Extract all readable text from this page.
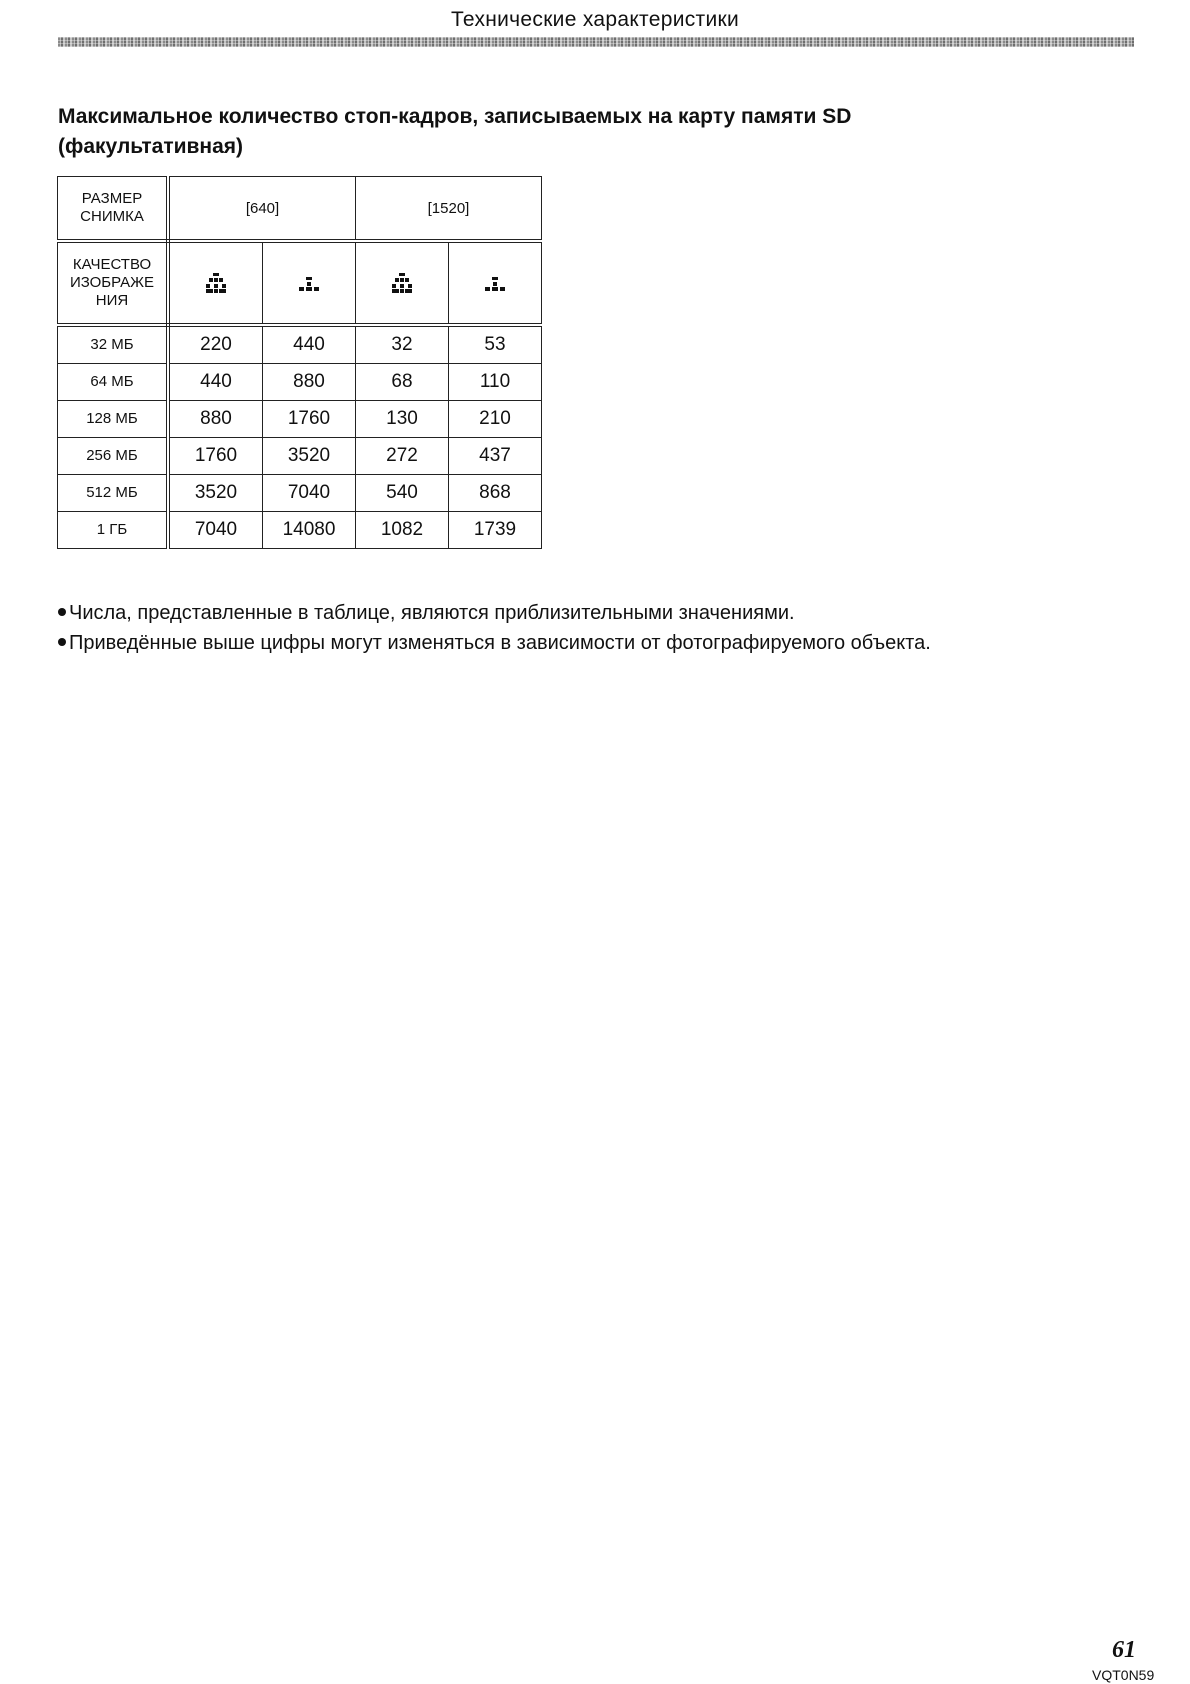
Технические характеристики
Максимальное количество стоп-кадров, записываемых на карту памяти SD
(факультативная)
РАЗМЕР
СНИМКА	[640]		[1520]	

КАЧЕСТВО
ИЗОБРАЖЕ
НИЯ

32 МБ	220	440	32	53
64 МБ	440	880	68	110
128 МБ	880	1760	130	210
256 МБ	1760	3520	272	437
512 МБ	3520	7040	540	868
1 ГБ	7040	14080	1082	1739
Числа, представленные в таблице, являются приблизительными значениями.
Приведённые выше цифры могут изменяться в зависимости от фотографируемого объекта.
61
VQT0N59
